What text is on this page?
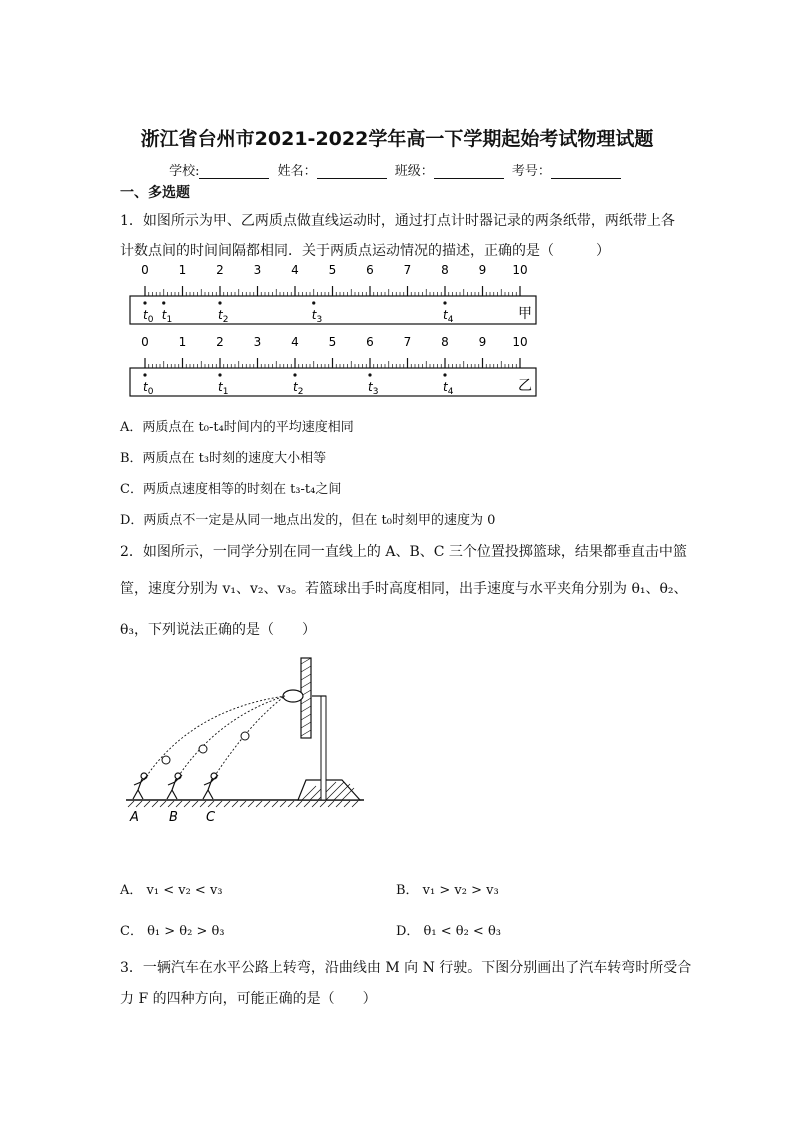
浙江省台州市2021-2022学年高一下学期起始考试物理试题
学校:	姓名：	班级：	考号：
一、多选题
1．如图所示为甲、乙两质点做直线运动时，通过打点计时器记录的两条纸带，两纸带上各
计数点间的时间间隔都相同．关于两质点运动情况的描述，正确的是（　　　）
0 1 2 3 4 5 6 7 8 9 10
$t_0$ $t_1$	$t_2$	$t_3$	$t_4$	甲
0 1 2 3 4 5 6 7 8 9 10
$t_0$	$t_1$	$t_2$	$t_3$	$t_4$	乙
A．两质点在 t₀-t₄时间内的平均速度相同
B．两质点在 t₃时刻的速度大小相等
C．两质点速度相等的时刻在 t₃-t₄之间
D．两质点不一定是从同一地点出发的，但在 t₀时刻甲的速度为 0
2．如图所示，一同学分别在同一直线上的 A、B、C 三个位置投掷篮球，结果都垂直击中篮
筐，速度分别为 v₁、v₂、v₃。若篮球出手时高度相同，出手速度与水平夹角分别为 θ₁、θ₂、
θ₃，下列说法正确的是（　　）
A B C
A． v₁ < v₂ < v₃	B． v₁ > v₂ > v₃
C． θ₁ > θ₂ > θ₃	D． θ₁ < θ₂ < θ₃
3．一辆汽车在水平公路上转弯，沿曲线由 M 向 N 行驶。下图分别画出了汽车转弯时所受合
力 F 的四种方向，可能正确的是（　　）
